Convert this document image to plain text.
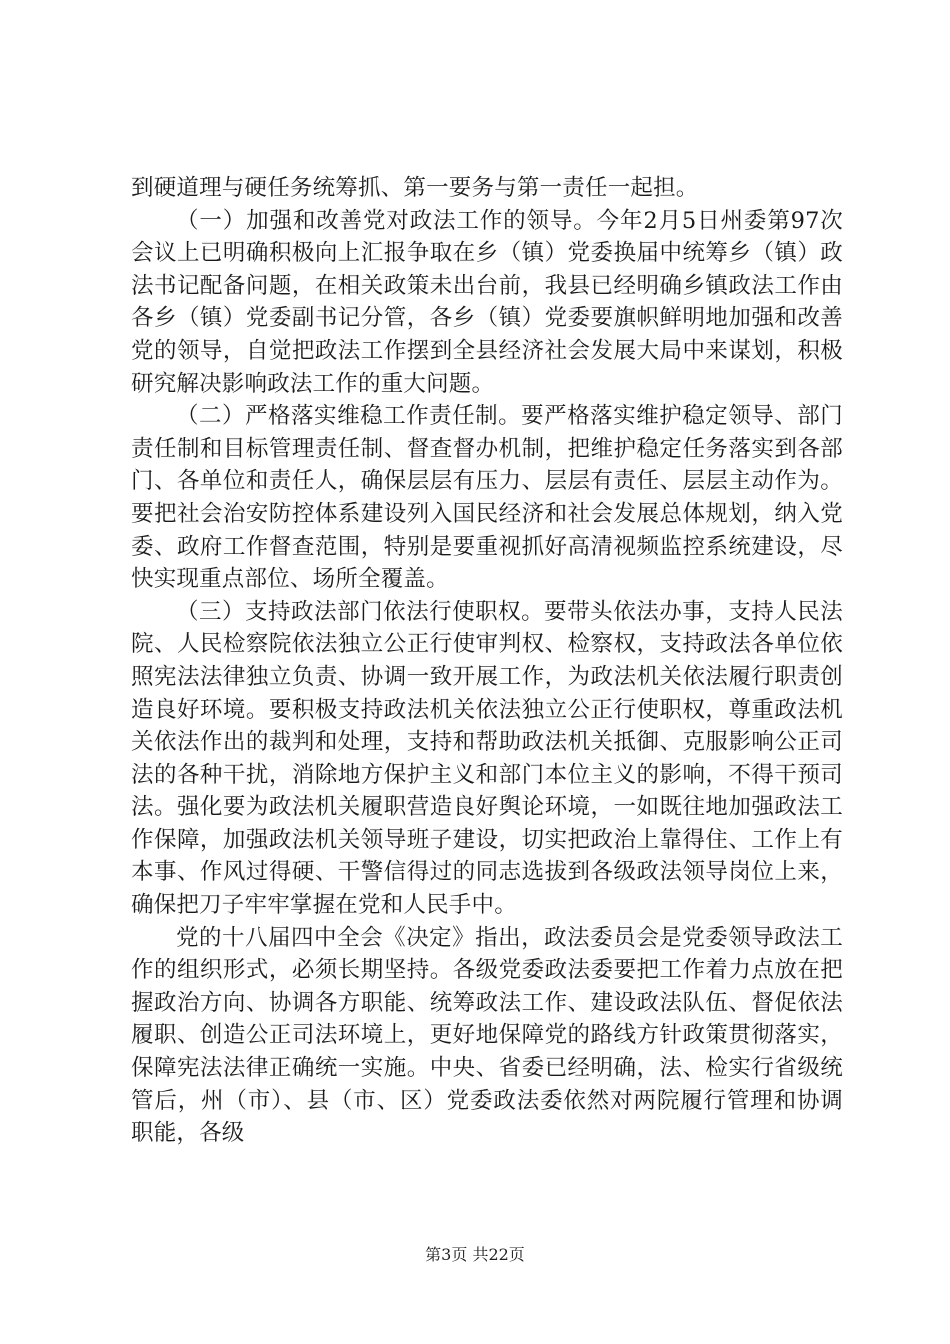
到硬道理与硬任务统筹抓、第一要务与第一责任一起担。

（一）加强和改善党对政法工作的领导。今年2月5日州委第97次会议上已明确积极向上汇报争取在乡（镇）党委换届中统筹乡（镇）政法书记配备问题，在相关政策未出台前，我县已经明确乡镇政法工作由各乡（镇）党委副书记分管，各乡（镇）党委要旗帜鲜明地加强和改善党的领导，自觉把政法工作摆到全县经济社会发展大局中来谋划，积极研究解决影响政法工作的重大问题。

（二）严格落实维稳工作责任制。要严格落实维护稳定领导、部门责任制和目标管理责任制、督查督办机制，把维护稳定任务落实到各部门、各单位和责任人，确保层层有压力、层层有责任、层层主动作为。要把社会治安防控体系建设列入国民经济和社会发展总体规划，纳入党委、政府工作督查范围，特别是要重视抓好高清视频监控系统建设，尽快实现重点部位、场所全覆盖。

（三）支持政法部门依法行使职权。要带头依法办事，支持人民法院、人民检察院依法独立公正行使审判权、检察权，支持政法各单位依照宪法法律独立负责、协调一致开展工作，为政法机关依法履行职责创造良好环境。要积极支持政法机关依法独立公正行使职权，尊重政法机关依法作出的裁判和处理，支持和帮助政法机关抵御、克服影响公正司法的各种干扰，消除地方保护主义和部门本位主义的影响，不得干预司法。强化要为政法机关履职营造良好舆论环境，一如既往地加强政法工作保障，加强政法机关领导班子建设，切实把政治上靠得住、工作上有本事、作风过得硬、干警信得过的同志选拔到各级政法领导岗位上来，确保把刀子牢牢掌握在党和人民手中。

党的十八届四中全会《决定》指出，政法委员会是党委领导政法工作的组织形式，必须长期坚持。各级党委政法委要把工作着力点放在把握政治方向、协调各方职能、统筹政法工作、建设政法队伍、督促依法履职、创造公正司法环境上，更好地保障党的路线方针政策贯彻落实，保障宪法法律正确统一实施。中央、省委已经明确，法、检实行省级统管后，州（市）、县（市、区）党委政法委依然对两院履行管理和协调职能，各级

第3页 共22页
